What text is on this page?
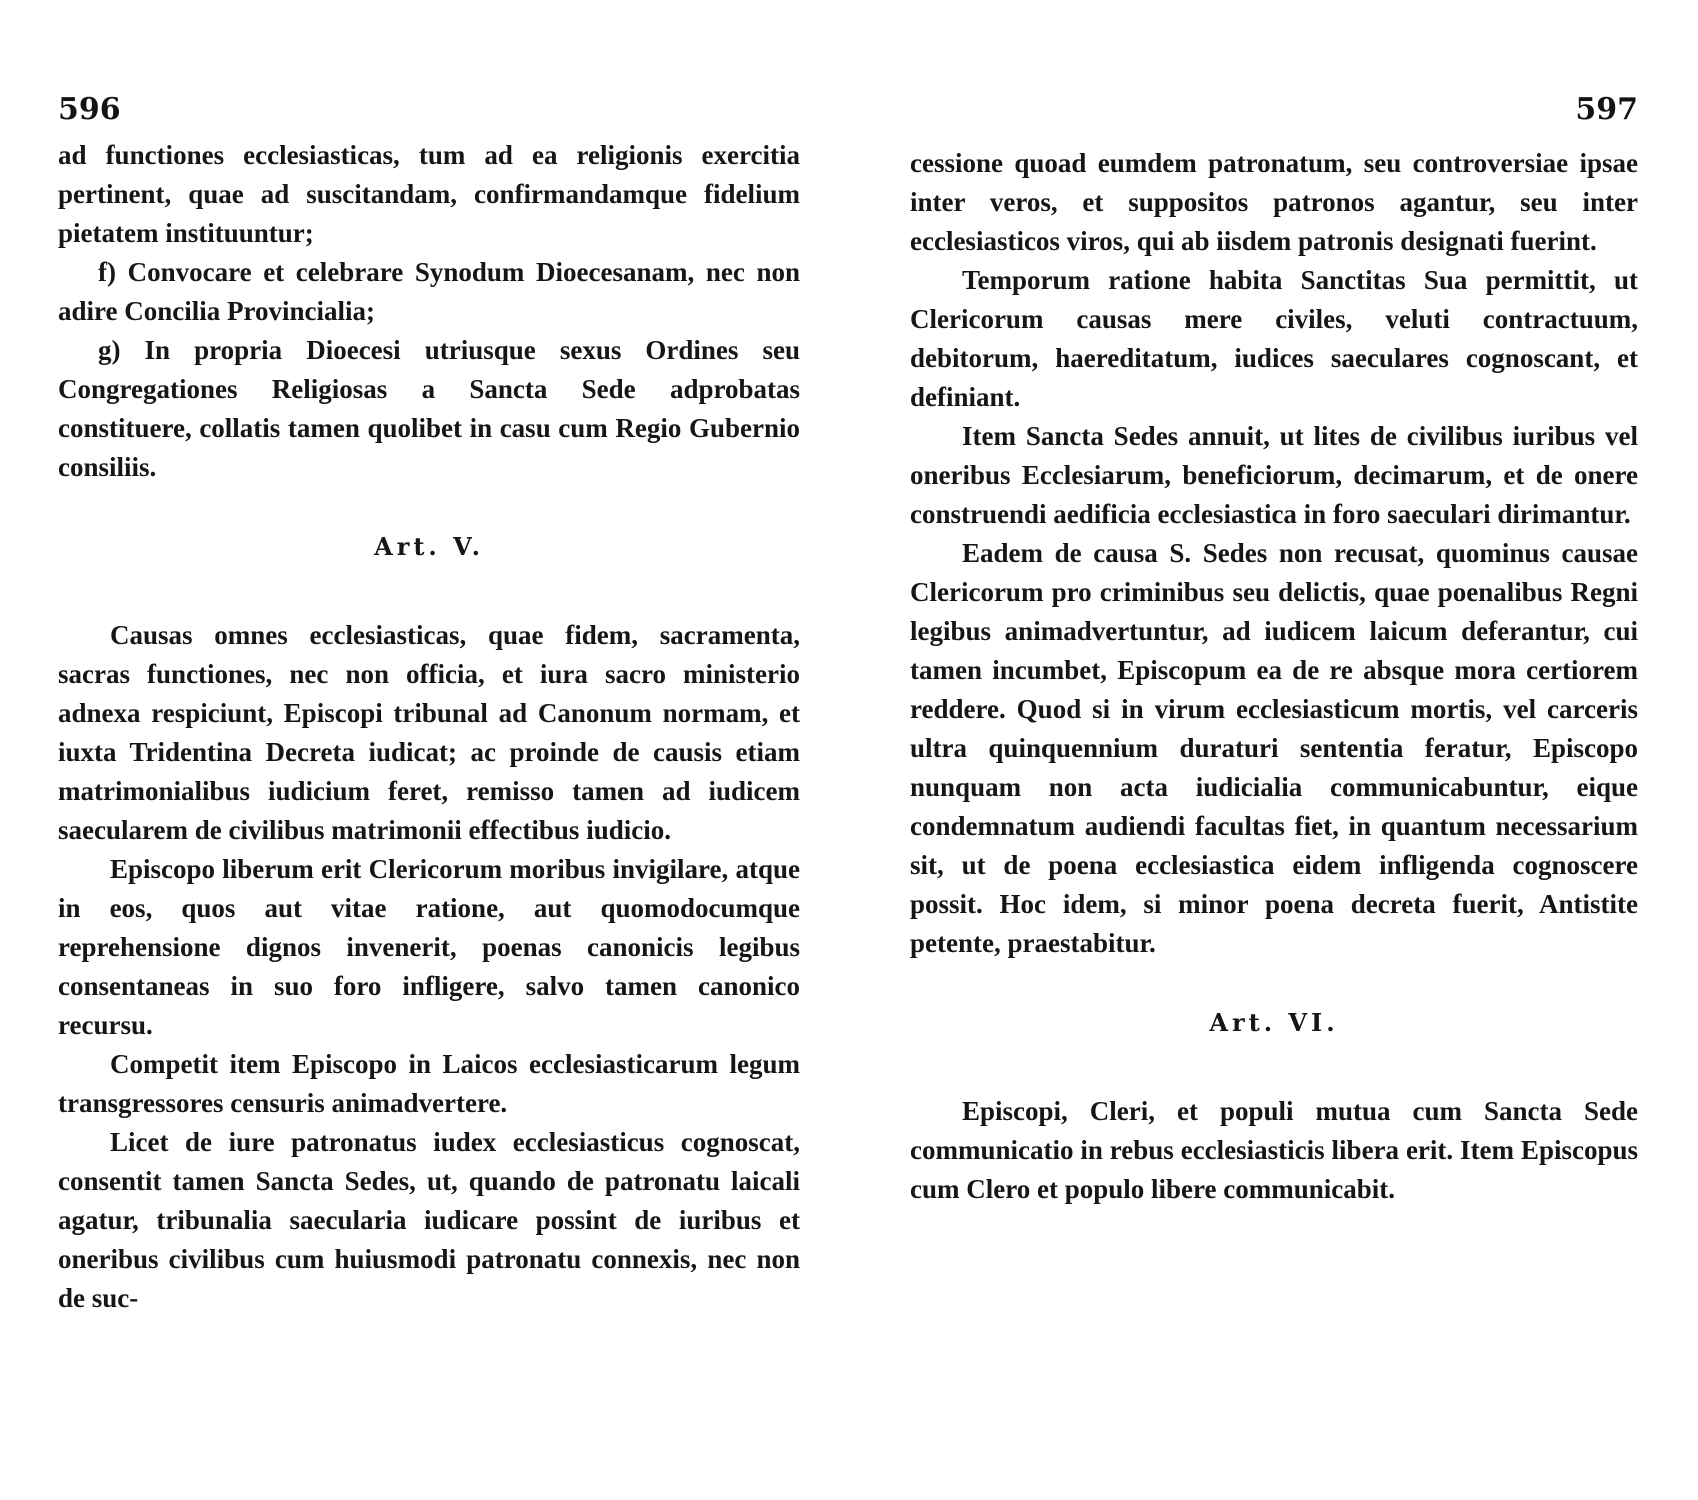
596	597

ad functiones ecclesiasticas, tum ad ea religionis exercitia pertinent, quae ad suscitandam, confirmandamque fidelium pietatem instituuntur;

f) Convocare et celebrare Synodum Dioecesanam, nec non adire Concilia Provincialia;

g) In propria Dioecesi utriusque sexus Ordines seu Congregationes Religiosas a Sancta Sede adprobatas constituere, collatis tamen quolibet in casu cum Regio Gubernio consiliis.

Art. V.

Causas omnes ecclesiasticas, quae fidem, sacramenta, sacras functiones, nec non officia, et iura sacro ministerio adnexa respiciunt, Episcopi tribunal ad Canonum normam, et iuxta Tridentina Decreta iudicat; ac proinde de causis etiam matrimonialibus iudicium feret, remisso tamen ad iudicem saecularem de civilibus matrimonii effectibus iudicio.

Episcopo liberum erit Clericorum moribus invigilare, atque in eos, quos aut vitae ratione, aut quomodocumque reprehensione dignos invenerit, poenas canonicis legibus consentaneas in suo foro infligere, salvo tamen canonico recursu.

Competit item Episcopo in Laicos ecclesiasticarum legum transgressores censuris animadvertere.

Licet de iure patronatus iudex ecclesiasticus cognoscat, consentit tamen Sancta Sedes, ut, quando de patronatu laicali agatur, tribunalia saecularia iudicare possint de iuribus et oneribus civilibus cum huiusmodi patronatu connexis, nec non de suc-

cessione quoad eumdem patronatum, seu controversiae ipsae inter veros, et suppositos patronos agantur, seu inter ecclesiasticos viros, qui ab iisdem patronis designati fuerint.

Temporum ratione habita Sanctitas Sua permittit, ut Clericorum causas mere civiles, veluti contractuum, debitorum, haereditatum, iudices saeculares cognoscant, et definiant.

Item Sancta Sedes annuit, ut lites de civilibus iuribus vel oneribus Ecclesiarum, beneficiorum, decimarum, et de onere construendi aedificia ecclesiastica in foro saeculari dirimantur.

Eadem de causa S. Sedes non recusat, quominus causae Clericorum pro criminibus seu delictis, quae poenalibus Regni legibus animadvertuntur, ad iudicem laicum deferantur, cui tamen incumbet, Episcopum ea de re absque mora certiorem reddere. Quod si in virum ecclesiasticum mortis, vel carceris ultra quinquennium duraturi sententia feratur, Episcopo nunquam non acta iudicialia communicabuntur, eique condemnatum audiendi facultas fiet, in quantum necessarium sit, ut de poena ecclesiastica eidem infligenda cognoscere possit. Hoc idem, si minor poena decreta fuerit, Antistite petente, praestabitur.

Art. VI.

Episcopi, Cleri, et populi mutua cum Sancta Sede communicatio in rebus ecclesiasticis libera erit. Item Episcopus cum Clero et populo libere communicabit.
